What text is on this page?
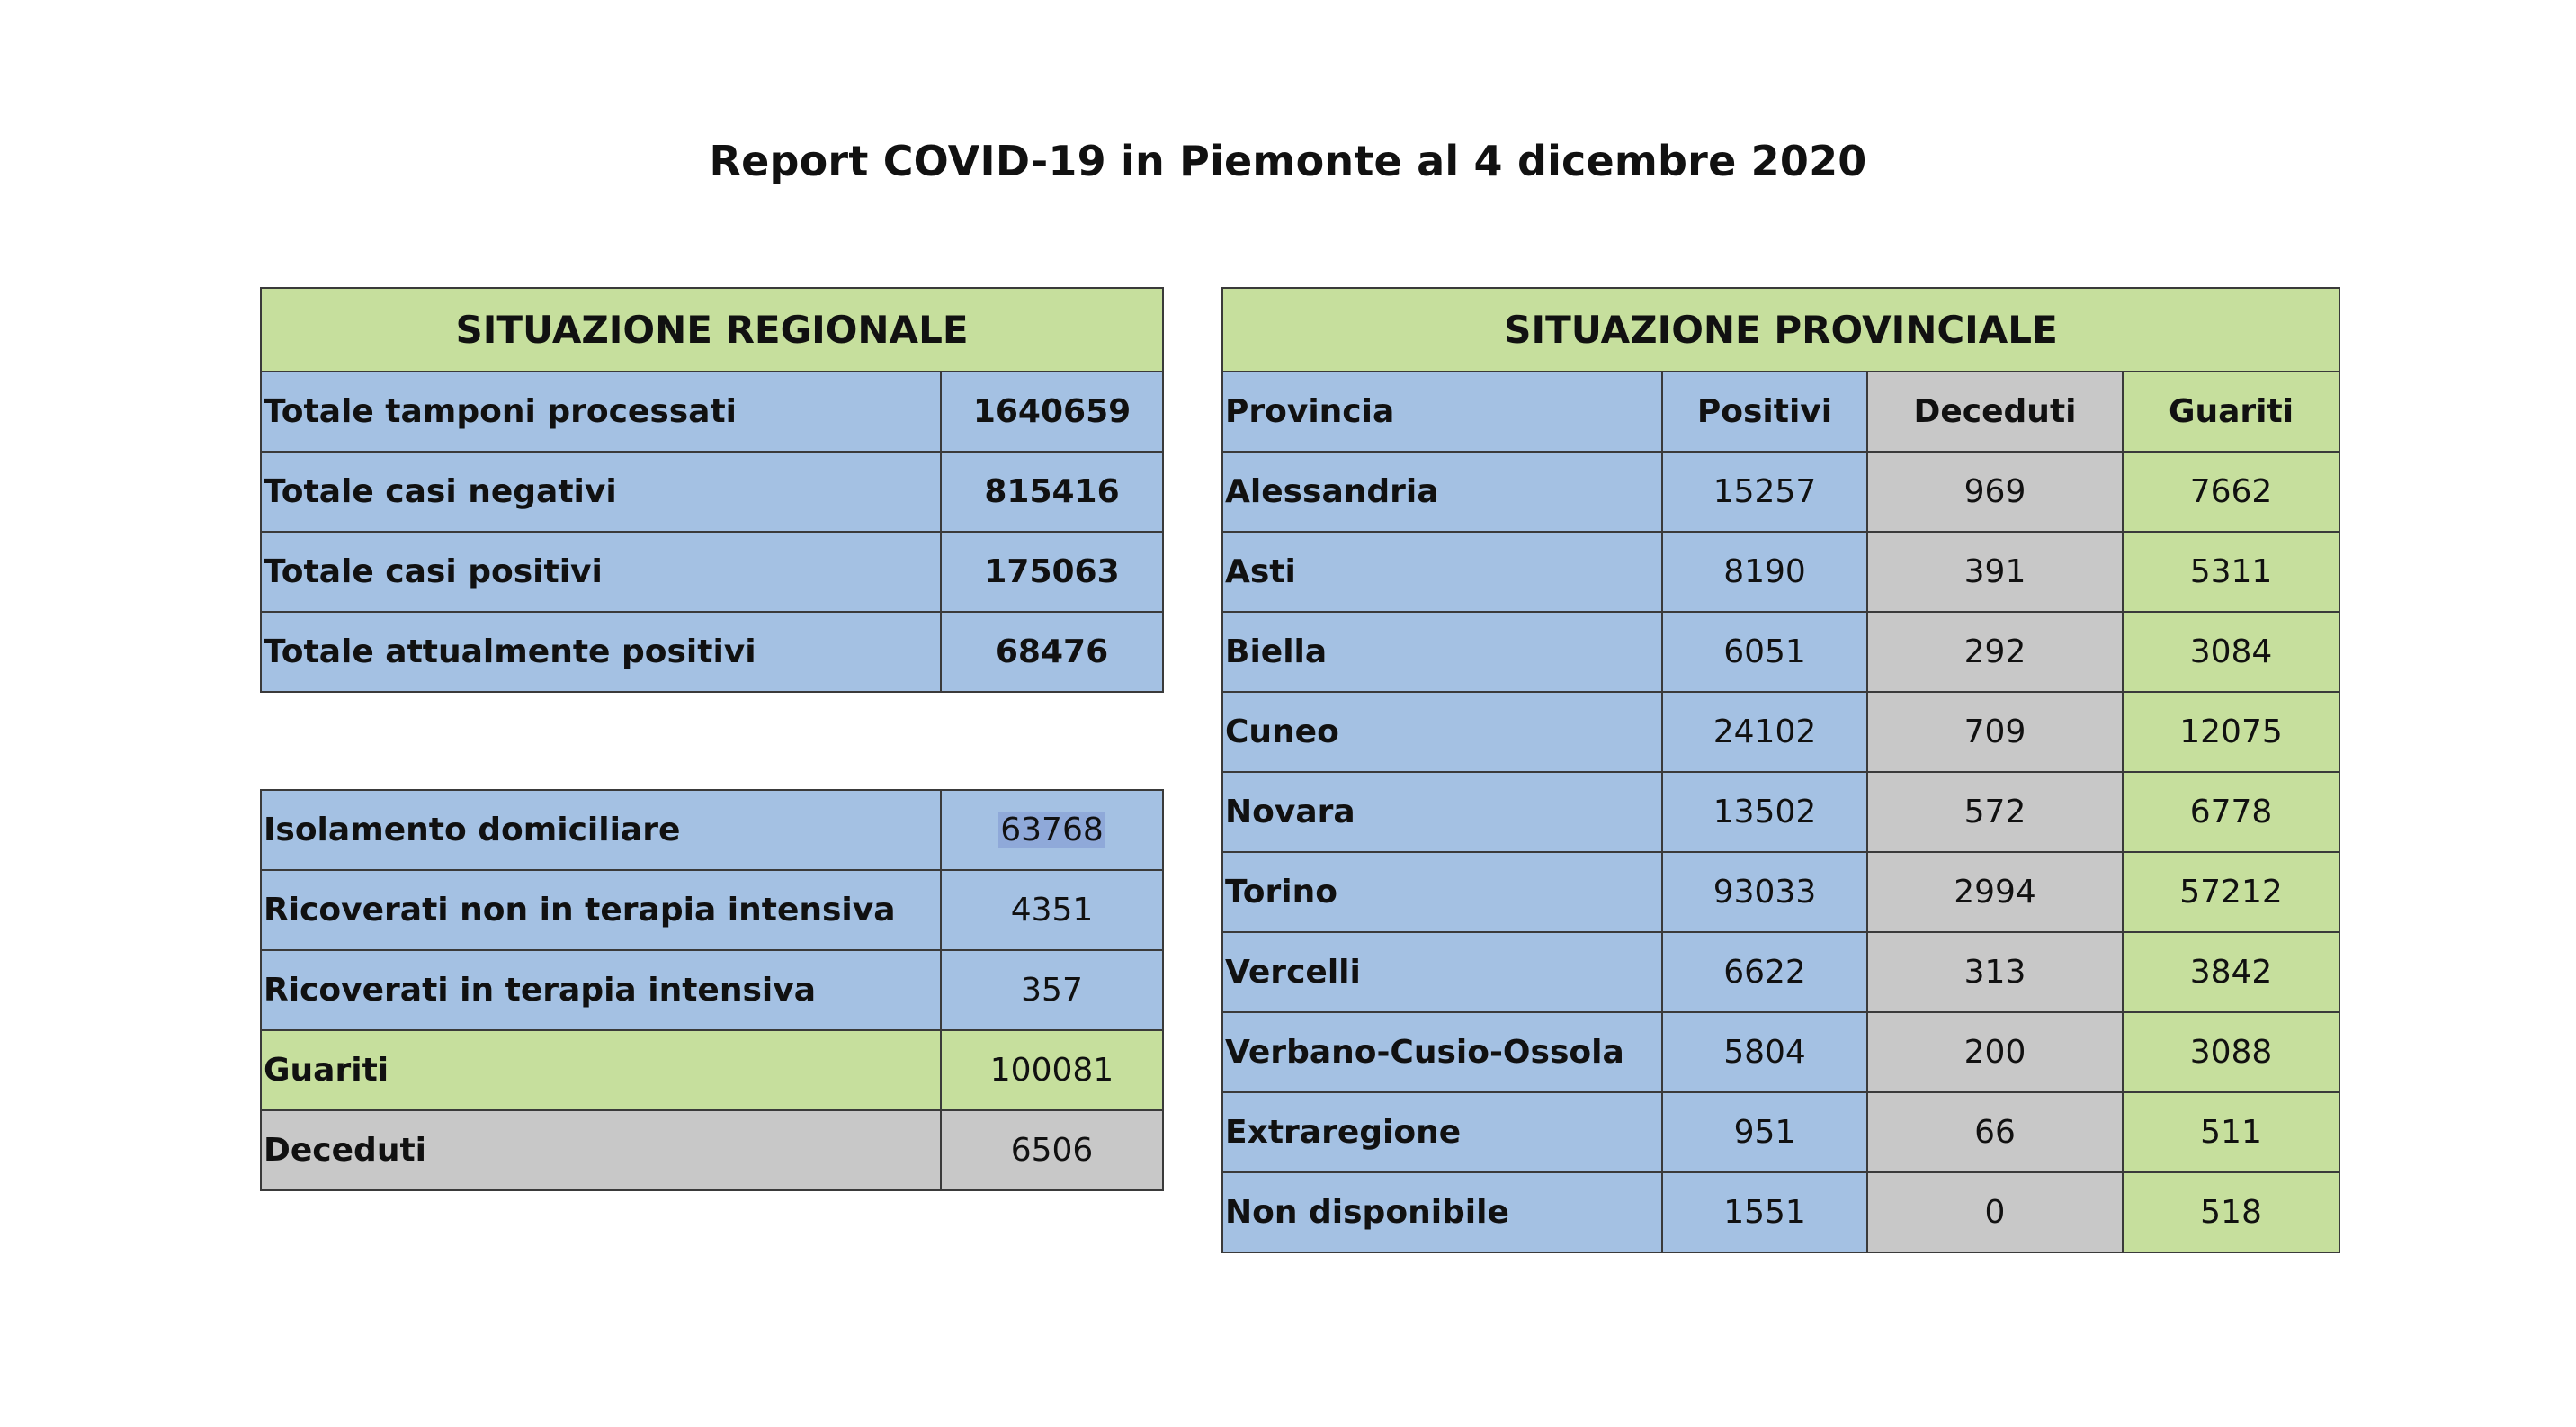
Report COVID-19 in Piemonte al 4 dicembre 2020
SITUAZIONE REGIONALE	
Totale tamponi processati	1640659
Totale casi negativi	815416
Totale casi positivi	175063
Totale attualmente positivi	68476
Isolamento domiciliare	63768
Ricoverati non in terapia intensiva	4351
Ricoverati in terapia intensiva	357
Guariti	100081
Deceduti	6506
SITUAZIONE PROVINCIALE			
Provincia	Positivi	Deceduti	Guariti
Alessandria	15257	969	7662
Asti	8190	391	5311
Biella	6051	292	3084
Cuneo	24102	709	12075
Novara	13502	572	6778
Torino	93033	2994	57212
Vercelli	6622	313	3842
Verbano-Cusio-Ossola	5804	200	3088
Extraregione	951	66	511
Non disponibile	1551	0	518
